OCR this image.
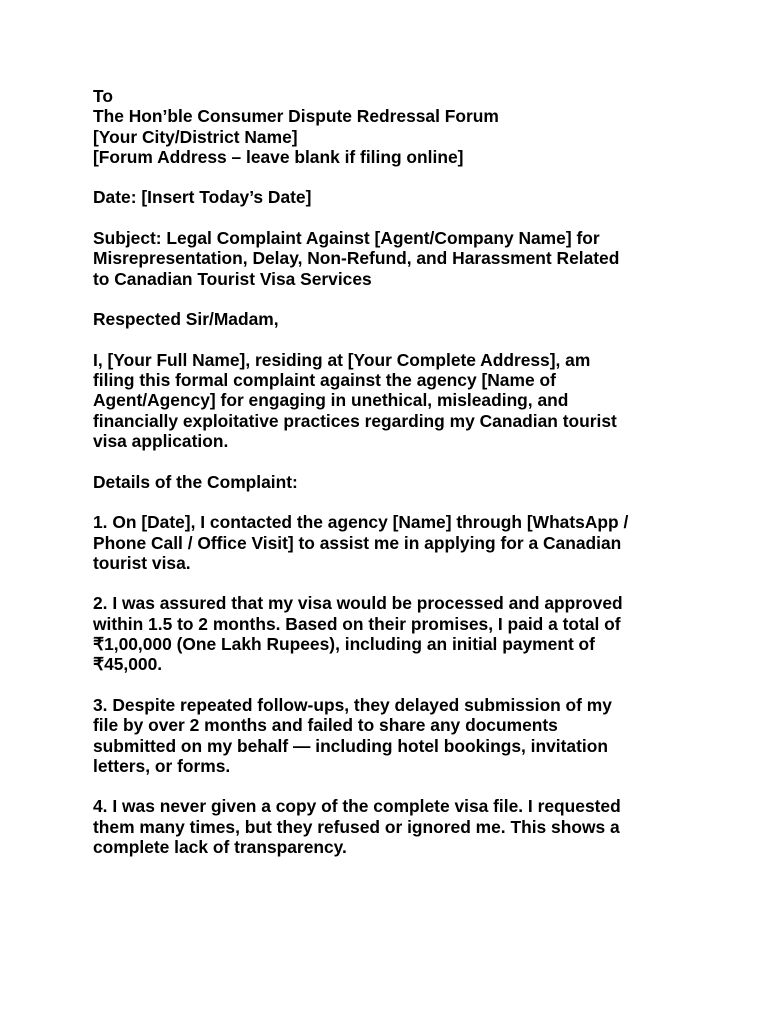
To
The Hon’ble Consumer Dispute Redressal Forum
[Your City/District Name]
[Forum Address – leave blank if filing online]
Date: [Insert Today’s Date]
Subject: Legal Complaint Against [Agent/Company Name] for
Misrepresentation, Delay, Non-Refund, and Harassment Related
to Canadian Tourist Visa Services
Respected Sir/Madam,
I, [Your Full Name], residing at [Your Complete Address], am
filing this formal complaint against the agency [Name of
Agent/Agency] for engaging in unethical, misleading, and
financially exploitative practices regarding my Canadian tourist
visa application.
Details of the Complaint:
1. On [Date], I contacted the agency [Name] through [WhatsApp /
Phone Call / Office Visit] to assist me in applying for a Canadian
tourist visa.
2. I was assured that my visa would be processed and approved
within 1.5 to 2 months. Based on their promises, I paid a total of
₹1,00,000 (One Lakh Rupees), including an initial payment of
₹45,000.
3. Despite repeated follow-ups, they delayed submission of my
file by over 2 months and failed to share any documents
submitted on my behalf — including hotel bookings, invitation
letters, or forms.
4. I was never given a copy of the complete visa file. I requested
them many times, but they refused or ignored me. This shows a
complete lack of transparency.
